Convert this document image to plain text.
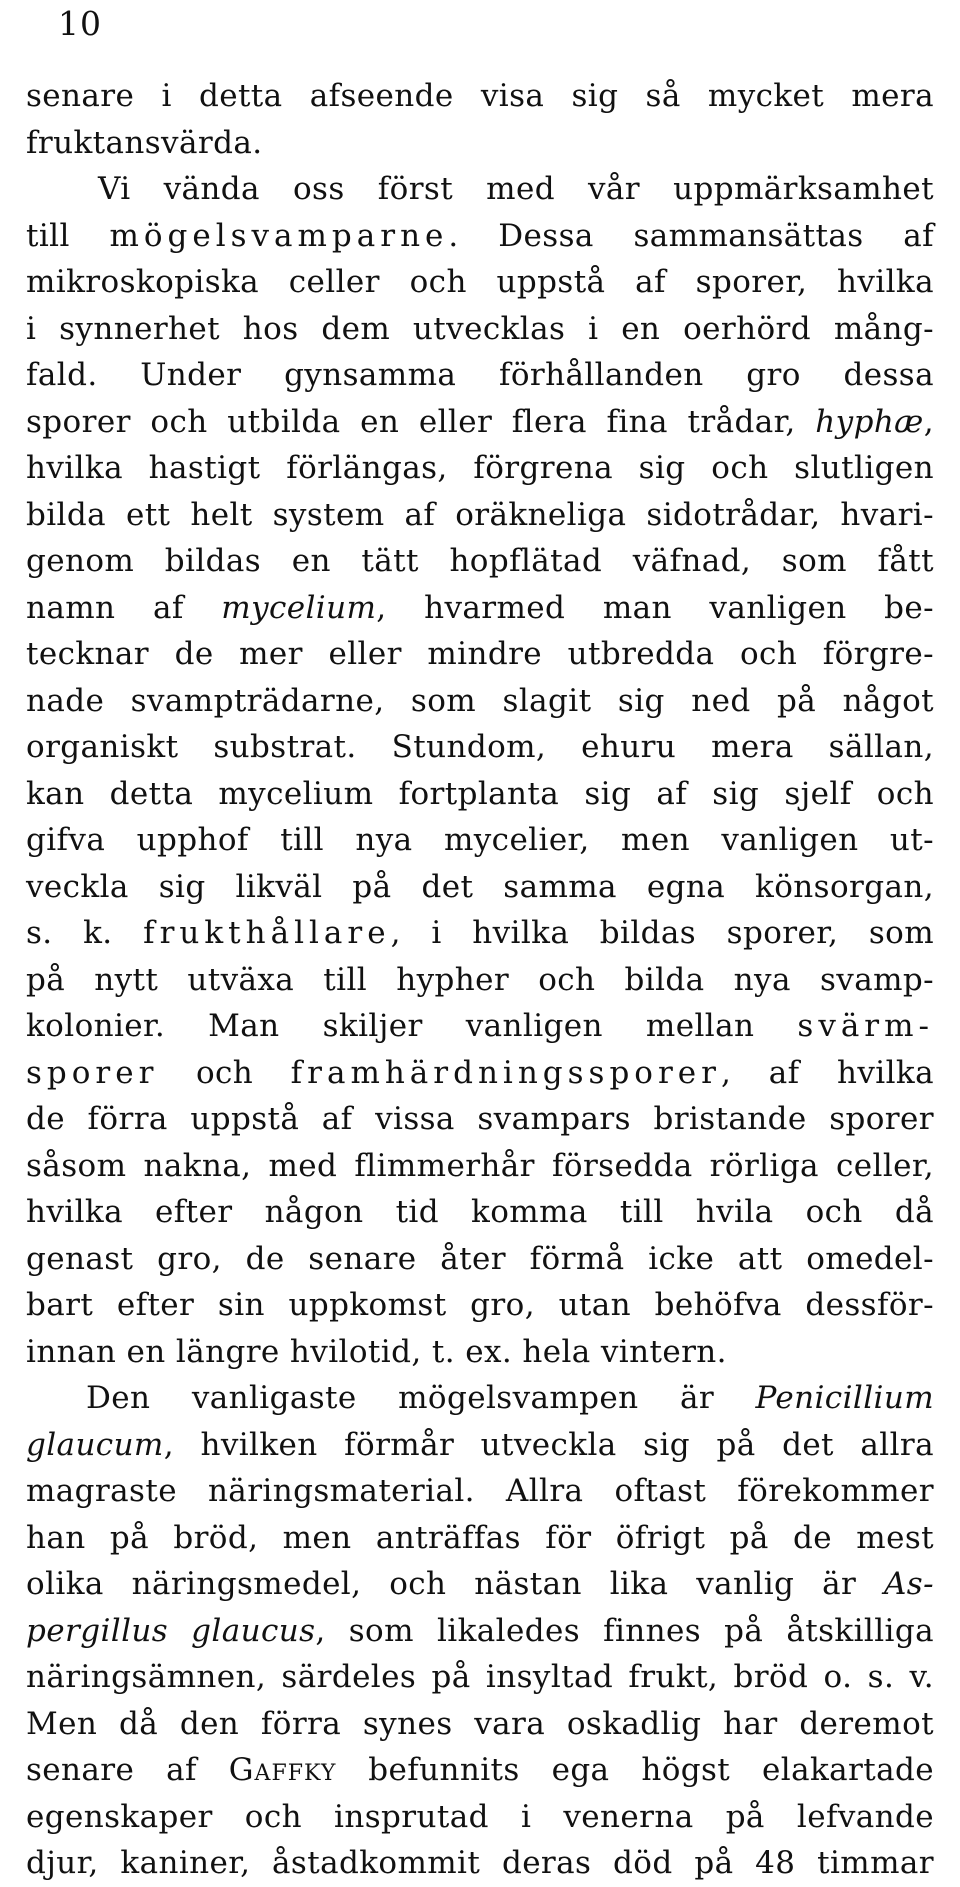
10
senare i detta afseende visa sig så mycket mera
fruktansvärda.
Vi vända oss först med vår uppmärksamhet
till mögelsvamparne. Dessa sammansättas af
mikroskopiska celler och uppstå af sporer, hvilka
i synnerhet hos dem utvecklas i en oerhörd mång-
fald. Under gynsamma förhållanden gro dessa
sporer och utbilda en eller flera fina trådar, hyphæ,
hvilka hastigt förlängas, förgrena sig och slutligen
bilda ett helt system af oräkneliga sidotrådar, hvari-
genom bildas en tätt hopflätad väfnad, som fått
namn af mycelium, hvarmed man vanligen be-
tecknar de mer eller mindre utbredda och förgre-
nade svampträdarne, som slagit sig ned på något
organiskt substrat. Stundom, ehuru mera sällan,
kan detta mycelium fortplanta sig af sig sjelf och
gifva upphof till nya mycelier, men vanligen ut-
veckla sig likväl på det samma egna könsorgan,
s. k. frukthållare, i hvilka bildas sporer, som
på nytt utväxa till hypher och bilda nya svamp-
kolonier. Man skiljer vanligen mellan svärm-
sporer och framhärdningssporer, af hvilka
de förra uppstå af vissa svampars bristande sporer
såsom nakna, med flimmerhår försedda rörliga celler,
hvilka efter någon tid komma till hvila och då
genast gro, de senare åter förmå icke att omedel-
bart efter sin uppkomst gro, utan behöfva dessför-
innan en längre hvilotid, t. ex. hela vintern.
Den vanligaste mögelsvampen är Penicillium
glaucum, hvilken förmår utveckla sig på det allra
magraste näringsmaterial. Allra oftast förekommer
han på bröd, men anträffas för öfrigt på de mest
olika näringsmedel, och nästan lika vanlig är As-
pergillus glaucus, som likaledes finnes på åtskilliga
näringsämnen, särdeles på insyltad frukt, bröd o. s. v.
Men då den förra synes vara oskadlig har deremot
senare af Gaffky befunnits ega högst elakartade
egenskaper och insprutad i venerna på lefvande
djur, kaniner, åstadkommit deras död på 48 timmar
